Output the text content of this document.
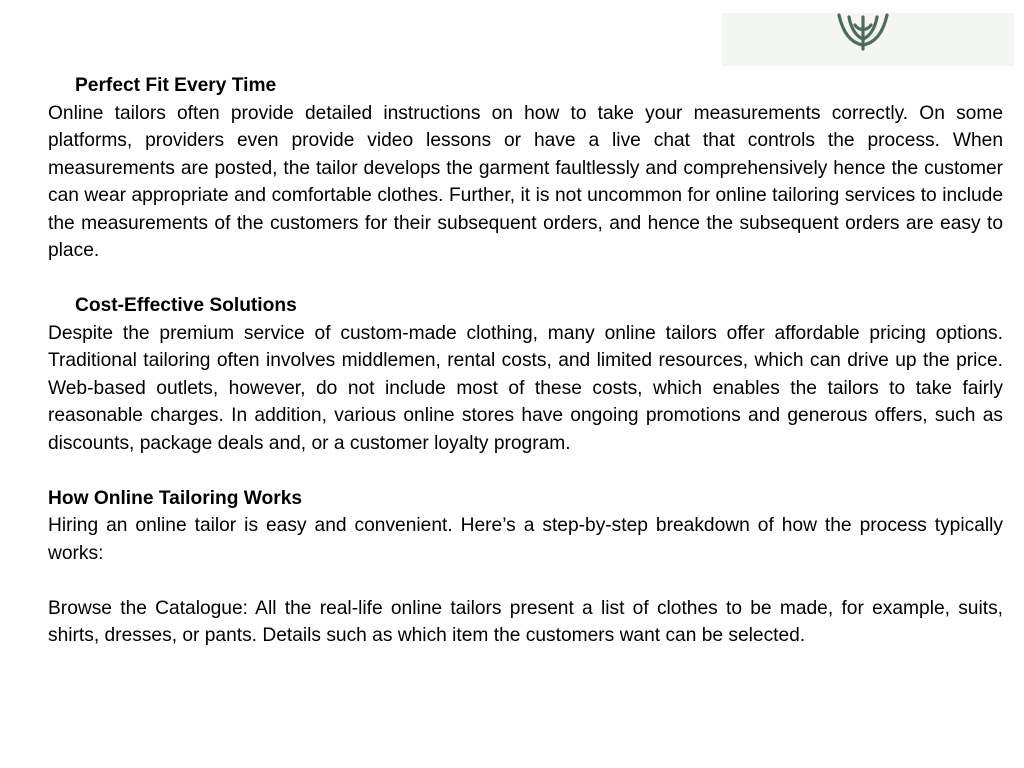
Perfect Fit Every Time

Online tailors often provide detailed instructions on how to take your measurements correctly. On some platforms, providers even provide video lessons or have a live chat that controls the process. When measurements are posted, the tailor develops the garment faultlessly and comprehensively hence the customer can wear appropriate and comfortable clothes. Further, it is not uncommon for online tailoring services to include the measurements of the customers for their subsequent orders, and hence the subsequent orders are easy to place.

Cost-Effective Solutions

Despite the premium service of custom-made clothing, many online tailors offer affordable pricing options. Traditional tailoring often involves middlemen, rental costs, and limited resources, which can drive up the price. Web-based outlets, however, do not include most of these costs, which enables the tailors to take fairly reasonable charges. In addition, various online stores have ongoing promotions and generous offers, such as discounts, package deals and, or a customer loyalty program.

How Online Tailoring Works

Hiring an online tailor is easy and convenient. Here’s a step-by-step breakdown of how the process typically works:

Browse the Catalogue: All the real-life online tailors present a list of clothes to be made, for example, suits, shirts, dresses, or pants. Details such as which item the customers want can be selected.
